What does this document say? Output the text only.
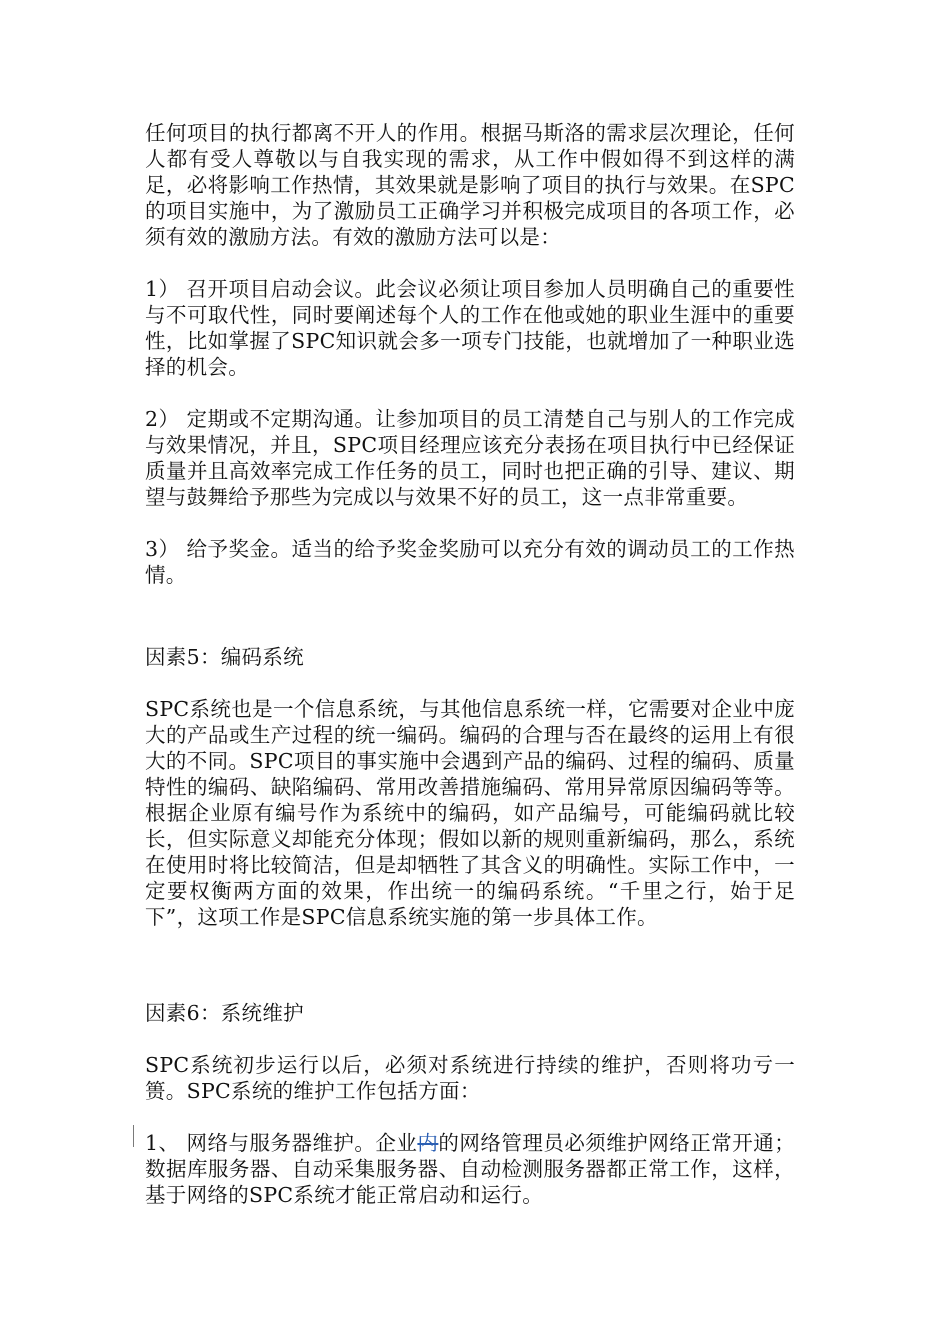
任何项目的执行都离不开人的作用。根据马斯洛的需求层次理论，任何人都有受人尊敬以与自我实现的需求，从工作中假如得不到这样的满足，必将影响工作热情，其效果就是影响了项目的执行与效果。在SPC的项目实施中，为了激励员工正确学习并积极完成项目的各项工作，必须有效的激励方法。有效的激励方法可以是：

1） 召开项目启动会议。此会议必须让项目参加人员明确自己的重要性与不可取代性，同时要阐述每个人的工作在他或她的职业生涯中的重要性，比如掌握了SPC知识就会多一项专门技能，也就增加了一种职业选择的机会。

2） 定期或不定期沟通。让参加项目的员工清楚自己与别人的工作完成与效果情况，并且，SPC项目经理应该充分表扬在项目执行中已经保证质量并且高效率完成工作任务的员工，同时也把正确的引导、建议、期望与鼓舞给予那些为完成以与效果不好的员工，这一点非常重要。

3） 给予奖金。适当的给予奖金奖励可以充分有效的调动员工的工作热情。

因素5：编码系统

SPC系统也是一个信息系统，与其他信息系统一样，它需要对企业中庞大的产品或生产过程的统一编码。编码的合理与否在最终的运用上有很大的不同。SPC项目的事实施中会遇到产品的编码、过程的编码、质量特性的编码、缺陷编码、常用改善措施编码、常用异常原因编码等等。根据企业原有编号作为系统中的编码，如产品编号，可能编码就比较长，但实际意义却能充分体现；假如以新的规则重新编码，那么，系统在使用时将比较简洁，但是却牺牲了其含义的明确性。实际工作中，一定要权衡两方面的效果，作出统一的编码系统。“千里之行，始于足下”，这项工作是SPC信息系统实施的第一步具体工作。

因素6：系统维护

SPC系统初步运行以后，必须对系统进行持续的维护，否则将功亏一篑。SPC系统的维护工作包括方面：

1、 网络与服务器维护。企业内的网络管理员必须维护网络正常开通；数据库服务器、自动采集服务器、自动检测服务器都正常工作，这样，基于网络的SPC系统才能正常启动和运行。
